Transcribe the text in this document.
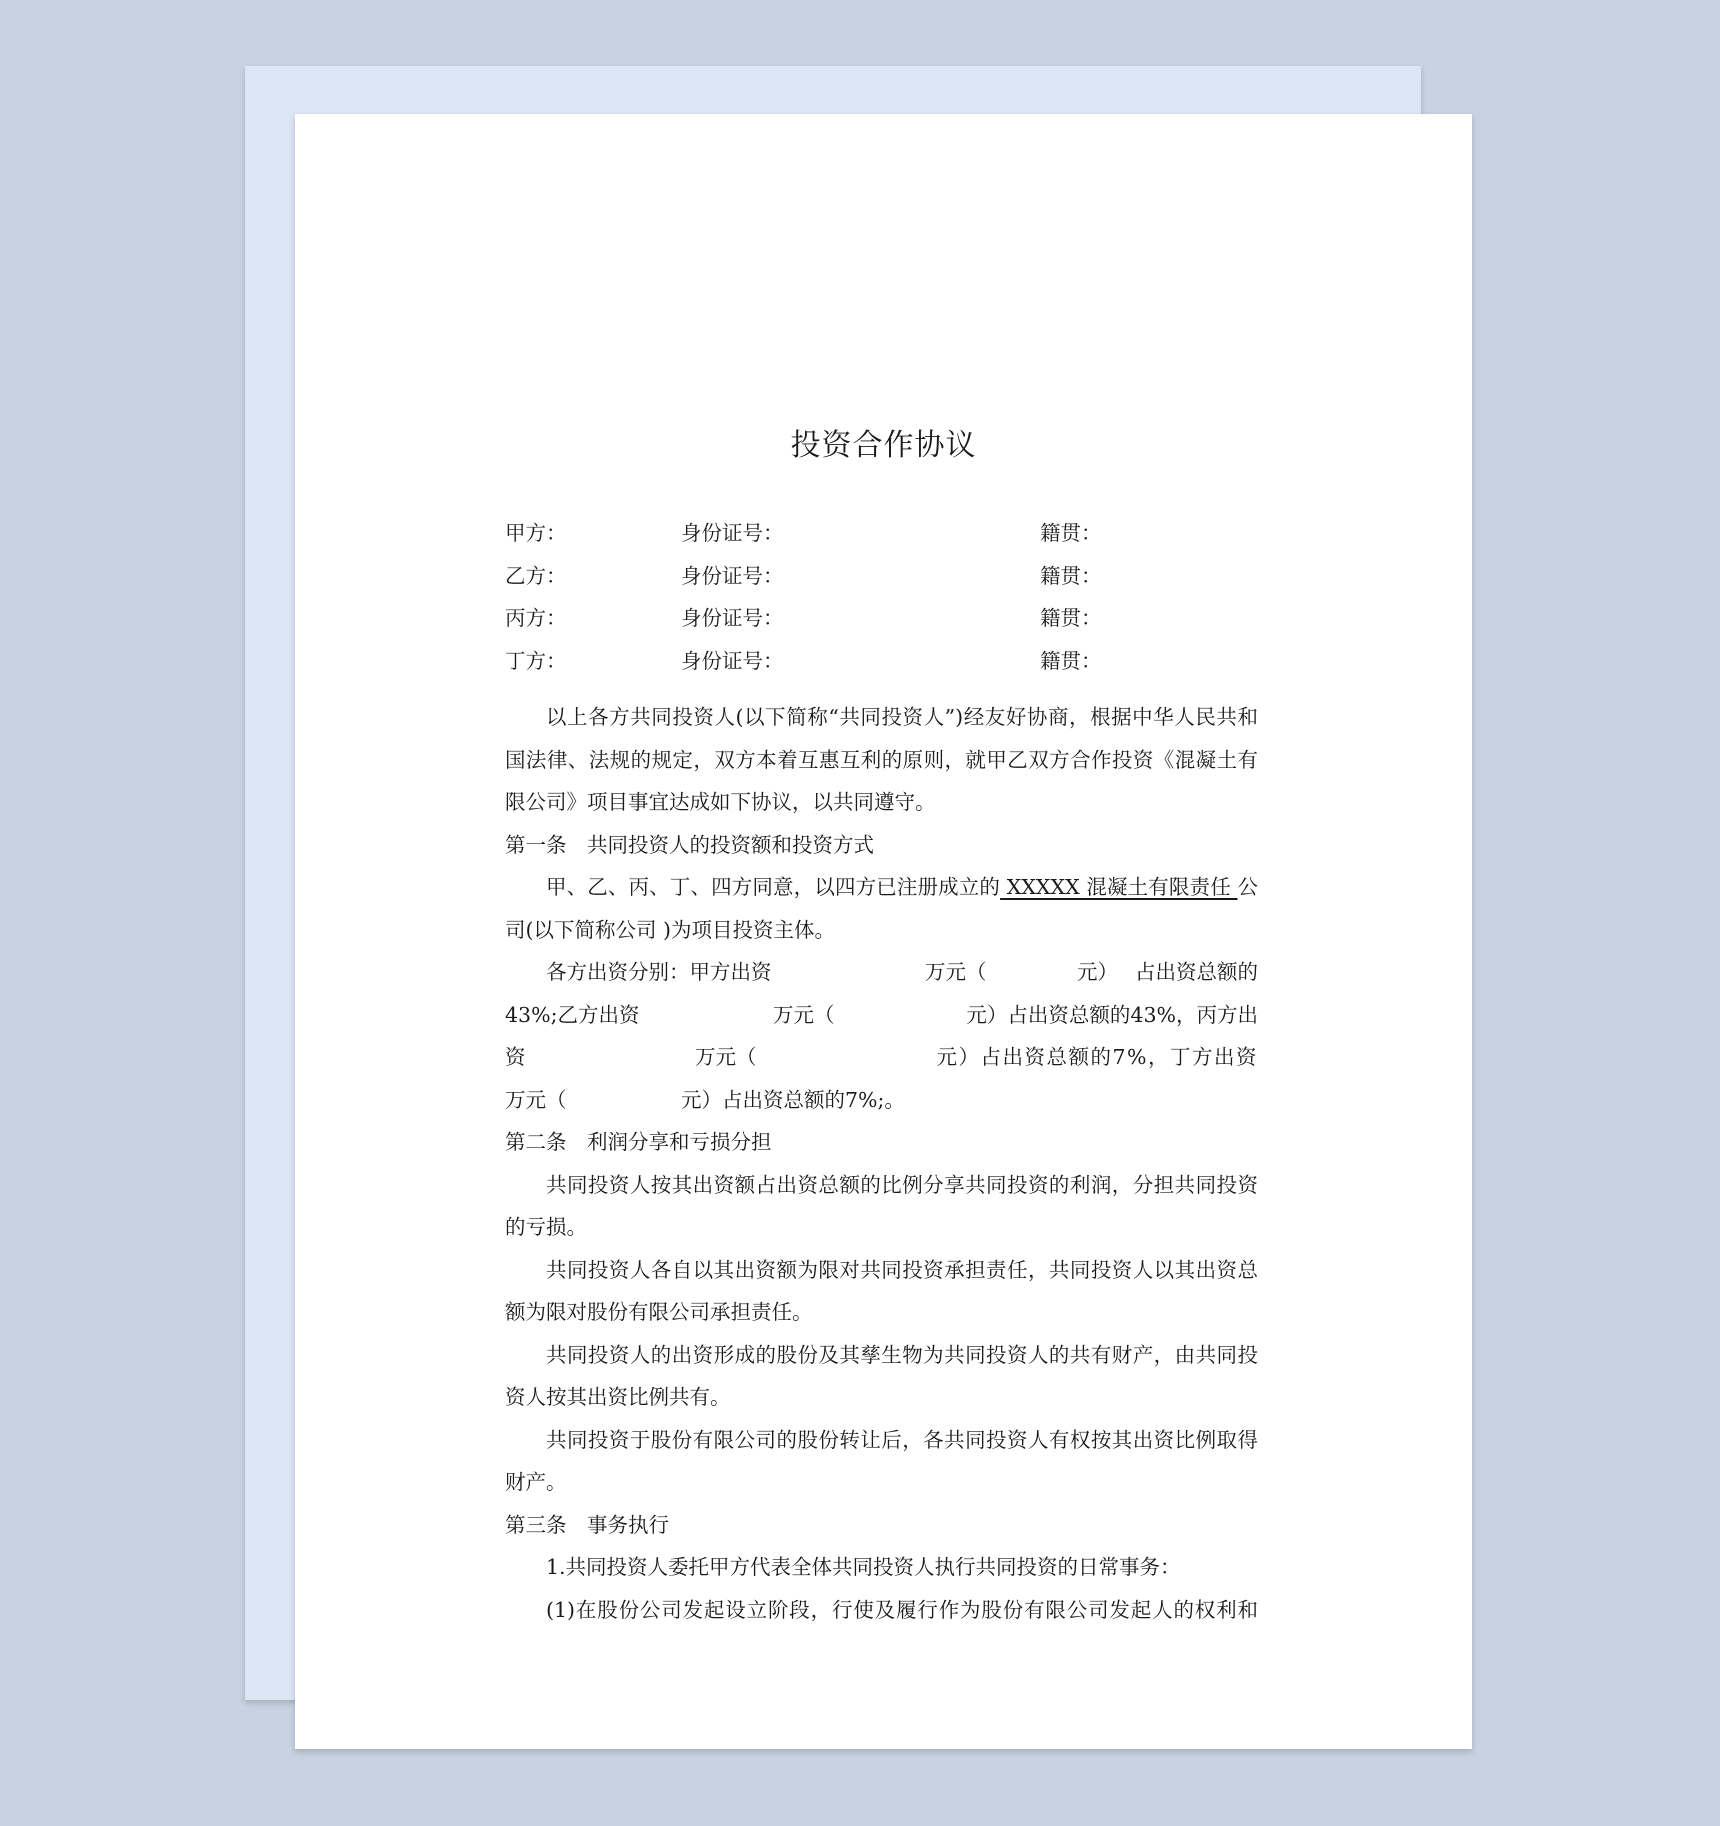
投资合作协议
甲方：	身份证号：	籍贯：
乙方：	身份证号：	籍贯：
丙方：	身份证号：	籍贯：
丁方：	身份证号：	籍贯：

以上各方共同投资人(以下简称“共同投资人”)经友好协商，根据中华人民共和国法律、法规的规定，双方本着互惠互利的原则，就甲乙双方合作投资《混凝土有限公司》项目事宜达成如下协议，以共同遵守。

第一条　共同投资人的投资额和投资方式

甲、乙、丙、丁、四方同意，以四方已注册成立的 XXXXX 混凝土有限责任 公司(以下简称公司 )为项目投资主体。

各方出资分别：甲方出资	万元（	元） 占出资总额的
43%;乙方出资	万元（	元）占出资总额的43%，丙方出
资	万元（	元）占出资总额的7%，丁方出资
万元（	元）占出资总额的7%;。

第二条　利润分享和亏损分担

共同投资人按其出资额占出资总额的比例分享共同投资的利润，分担共同投资的亏损。

共同投资人各自以其出资额为限对共同投资承担责任，共同投资人以其出资总额为限对股份有限公司承担责任。

共同投资人的出资形成的股份及其孳生物为共同投资人的共有财产，由共同投资人按其出资比例共有。

共同投资于股份有限公司的股份转让后，各共同投资人有权按其出资比例取得财产。

第三条　事务执行

1.共同投资人委托甲方代表全体共同投资人执行共同投资的日常事务：

(1)在股份公司发起设立阶段，行使及履行作为股份有限公司发起人的权利和
